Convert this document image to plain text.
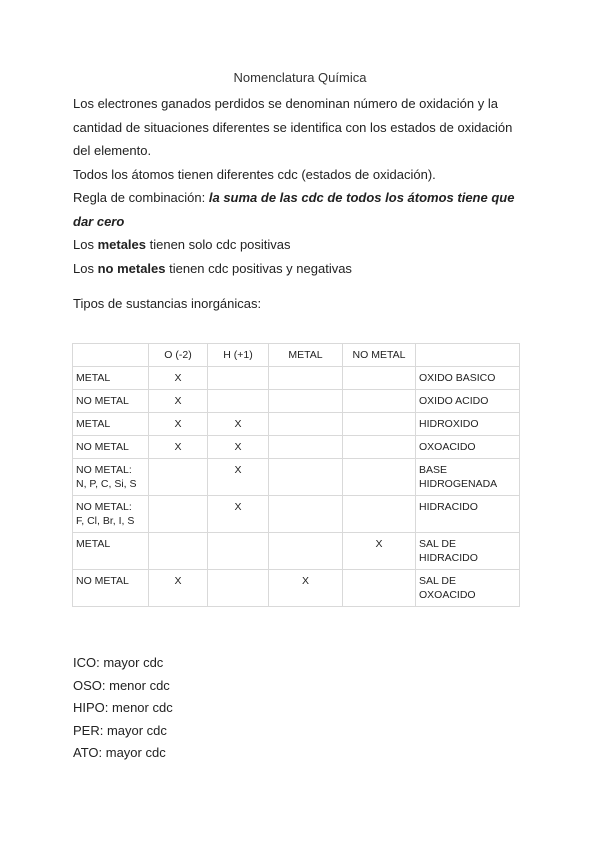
Nomenclatura Química

Los electrones ganados perdidos se denominan número de oxidación y la

cantidad de situaciones diferentes se identifica con los estados de oxidación

del elemento.

Todos los átomos tienen diferentes cdc (estados de oxidación).

Regla de combinación: la suma de las cdc de todos los átomos tiene que

dar cero

Los metales tienen solo cdc positivas

Los no metales tienen cdc positivas y negativas

Tipos de sustancias inorgánicas:
	O (-2)	H (+1)	METAL	NO METAL	
METAL	X				OXIDO BASICO
NO METAL	X				OXIDO ACIDO
METAL	X	X			HIDROXIDO
NO METAL	X	X			OXOACIDO
NO METAL:
N, P, C, Si, S		X			BASE
HIDROGENADA
NO METAL:
F, Cl, Br, I, S		X			HIDRACIDO
METAL				X	SAL DE
HIDRACIDO
NO METAL	X		X		SAL DE
OXOACIDO

ICO: mayor cdc

OSO: menor cdc

HIPO: menor cdc

PER: mayor cdc

ATO: mayor cdc
